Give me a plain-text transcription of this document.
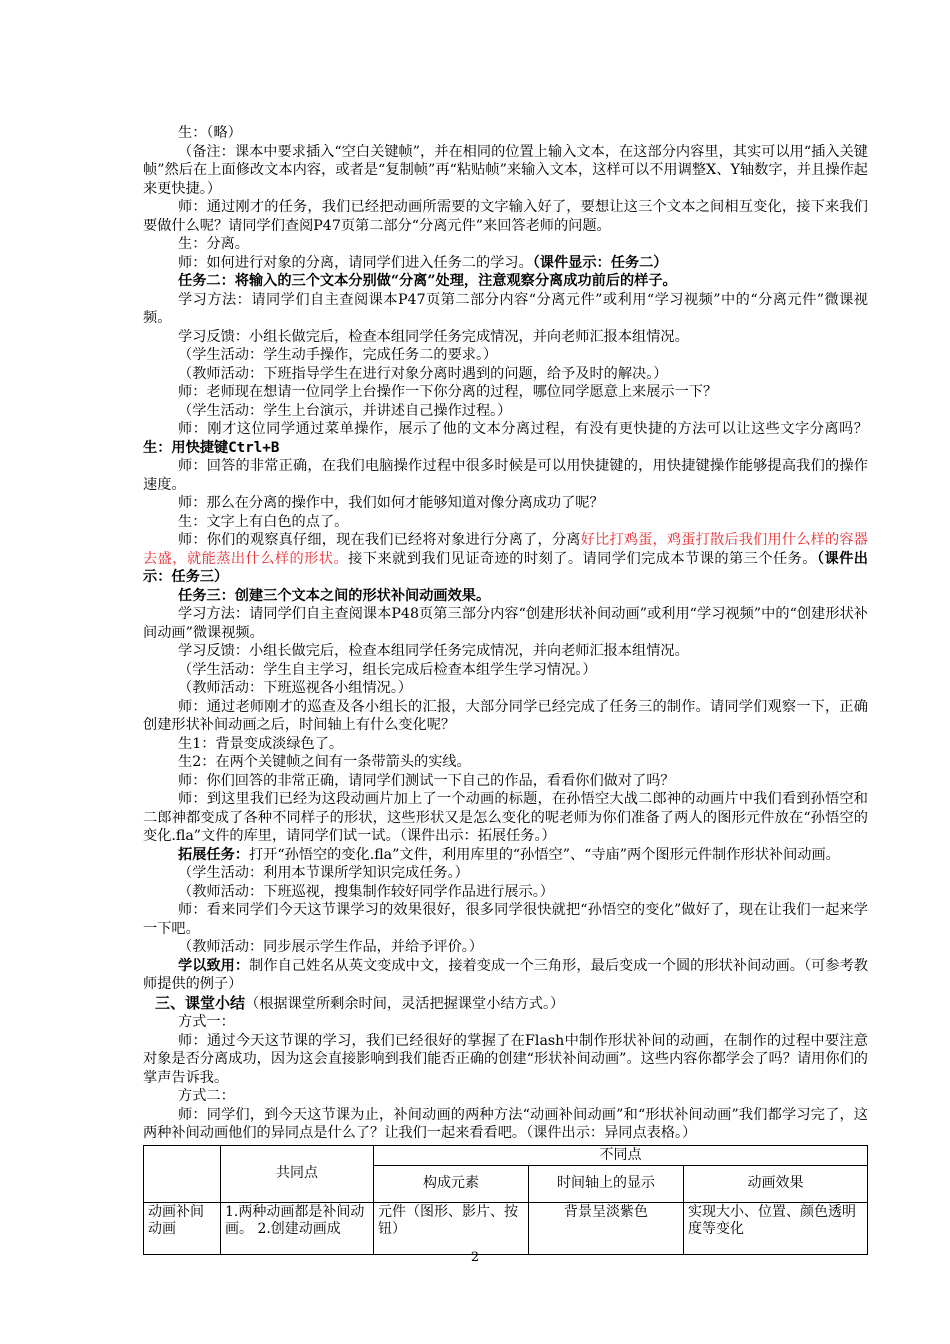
生：（略）

（备注：课本中要求插入“空白关键帧”，并在相同的位置上输入文本，在这部分内容里，其实可以用“插入关键帧”然后在上面修改文本内容，或者是“复制帧”再“粘贴帧”来输入文本，这样可以不用调整X、Y轴数字，并且操作起来更快捷。）

师：通过刚才的任务，我们已经把动画所需要的文字输入好了，要想让这三个文本之间相互变化，接下来我们要做什么呢？请同学们查阅P47页第二部分“分离元件”来回答老师的问题。

生：分离。

师：如何进行对象的分离，请同学们进入任务二的学习。（课件显示：任务二）

任务二：将输入的三个文本分别做“分离”处理，注意观察分离成功前后的样子。

学习方法：请同学们自主查阅课本P47页第二部分内容“分离元件”或利用“学习视频”中的“分离元件”微课视频。

学习反馈：小组长做完后，检查本组同学任务完成情况，并向老师汇报本组情况。

（学生活动：学生动手操作，完成任务二的要求。）

（教师活动：下班指导学生在进行对象分离时遇到的问题，给予及时的解决。）

师：老师现在想请一位同学上台操作一下你分离的过程，哪位同学愿意上来展示一下？

（学生活动：学生上台演示，并讲述自己操作过程。）

师：刚才这位同学通过菜单操作，展示了他的文本分离过程，有没有更快捷的方法可以让这些文字分离吗？　　生：用快捷键Ctrl+B

师：回答的非常正确，在我们电脑操作过程中很多时候是可以用快捷键的，用快捷键操作能够提高我们的操作速度。

师：那么在分离的操作中，我们如何才能够知道对像分离成功了呢？

生：文字上有白色的点了。

师：你们的观察真仔细，现在我们已经将对象进行分离了，分离好比打鸡蛋，鸡蛋打散后我们用什么样的容器去盛，就能蒸出什么样的形状。接下来就到我们见证奇迹的时刻了。请同学们完成本节课的第三个任务。（课件出示：任务三）

任务三：创建三个文本之间的形状补间动画效果。

学习方法：请同学们自主查阅课本P48页第三部分内容“创建形状补间动画”或利用“学习视频”中的“创建形状补间动画”微课视频。

学习反馈：小组长做完后，检查本组同学任务完成情况，并向老师汇报本组情况。

（学生活动：学生自主学习，组长完成后检查本组学生学习情况。）

（教师活动：下班巡视各小组情况。）

师：通过老师刚才的巡查及各小组长的汇报，大部分同学已经完成了任务三的制作。请同学们观察一下，正确创建形状补间动画之后，时间轴上有什么变化呢？

生1：背景变成淡绿色了。

生2：在两个关键帧之间有一条带箭头的实线。

师：你们回答的非常正确，请同学们测试一下自己的作品，看看你们做对了吗？

师：到这里我们已经为这段动画片加上了一个动画的标题，在孙悟空大战二郎神的动画片中我们看到孙悟空和二郎神都变成了各种不同样子的形状，这些形状又是怎么变化的呢老师为你们准备了两人的图形元件放在“孙悟空的变化.fla”文件的库里，请同学们试一试。（课件出示：拓展任务。）

拓展任务：打开“孙悟空的变化.fla”文件，利用库里的“孙悟空”、“寺庙”两个图形元件制作形状补间动画。

（学生活动：利用本节课所学知识完成任务。）

（教师活动：下班巡视，搜集制作较好同学作品进行展示。）

师：看来同学们今天这节课学习的效果很好，很多同学很快就把“孙悟空的变化”做好了，现在让我们一起来学一下吧。

（教师活动：同步展示学生作品，并给予评价。）

学以致用：制作自己姓名从英文变成中文，接着变成一个三角形，最后变成一个圆的形状补间动画。（可参考教师提供的例子）

三、课堂小结（根据课堂所剩余时间，灵活把握课堂小结方式。）

方式一：

师：通过今天这节课的学习，我们已经很好的掌握了在Flash中制作形状补间的动画，在制作的过程中要注意对象是否分离成功，因为这会直接影响到我们能否正确的创建“形状补间动画”。这些内容你都学会了吗？请用你们的掌声告诉我。

方式二：

师：同学们，到今天这节课为止，补间动画的两种方法“动画补间动画”和“形状补间动画”我们都学习完了，这两种补间动画他们的异同点是什么了？让我们一起来看看吧。（课件出示：异同点表格。）

	共同点	不同点		
		构成元素	时间轴上的显示	动画效果
动画补间动画	1.两种动画都是补间动画。 2.创建动画成	元件（图形、影片、按钮）	背景呈淡紫色	实现大小、位置、颜色透明度等变化
2
